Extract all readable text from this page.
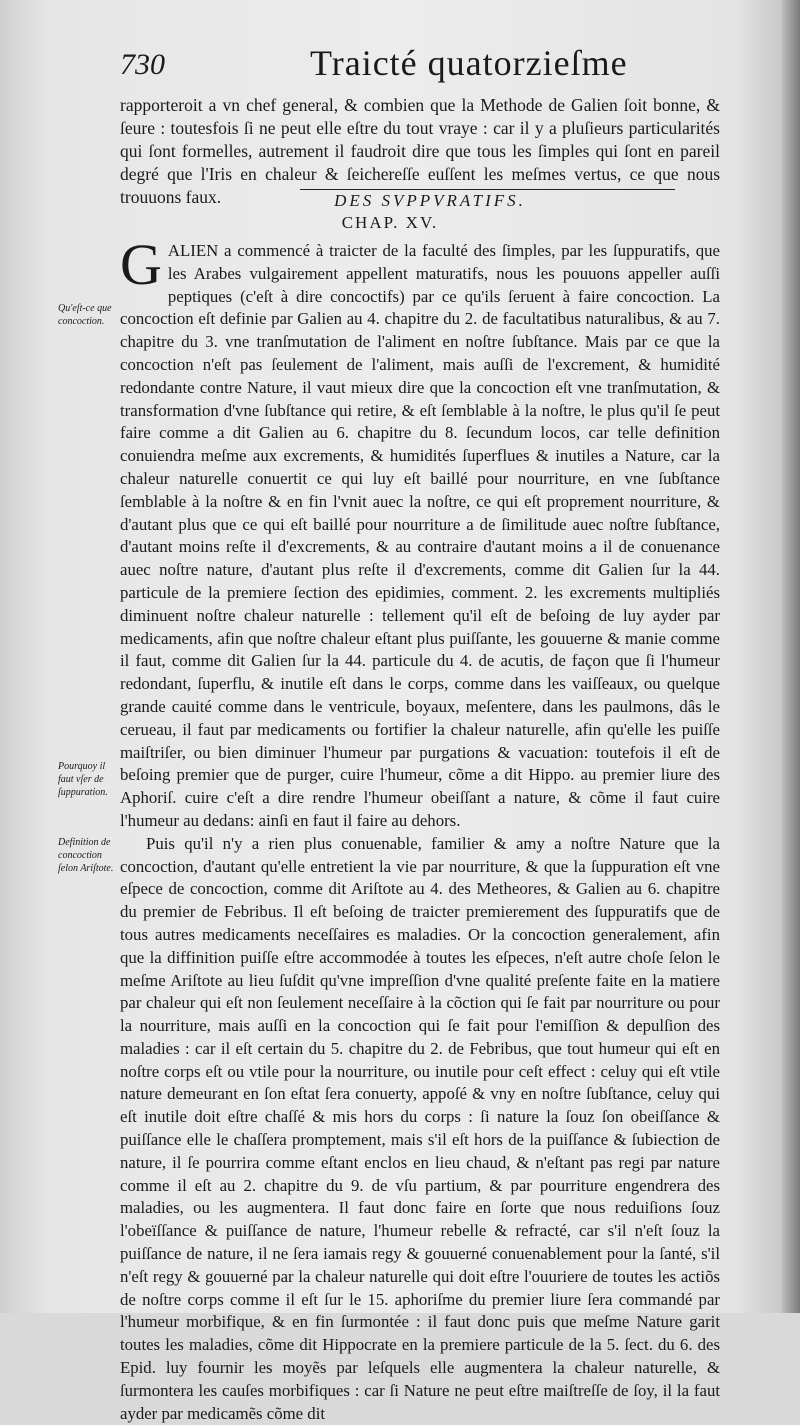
730	Traicté quatorzieſme

rapporteroit a vn chef general, & combien que la Methode de Galien ſoit bonne, & ſeure : toutesfois ſi ne peut elle eſtre du tout vraye : car il y a pluſieurs particularités qui ſont formelles, autrement il faudroit dire que tous les ſimples qui ſont en pareil degré que l'Iris en chaleur & ſeichereſſe euſſent les meſmes vertus, ce que nous trouuons faux.	DES SVPPVRATIFS.
CHAP. XV.
Qu'eſt-ce que concoction.
Pourquoy il faut vſer de ſuppuration.
Definition de concoction ſelon Ariſtote.

GALIEN a commencé à traicter de la faculté des ſimples, par les ſuppuratifs, que les Arabes vulgairement appellent maturatifs, nous les pouuons appeller auſſi peptiques (c'eſt à dire concoctifs) par ce qu'ils ſeruent à faire concoction. La concoction eſt definie par Galien au 4. chapitre du 2. de facultatibus naturalibus, & au 7. chapitre du 3. vne tranſmutation de l'aliment en noſtre ſubſtance. Mais par ce que la concoction n'eſt pas ſeulement de l'aliment, mais auſſi de l'excrement, & humidité redondante contre Nature, il vaut mieux dire que la concoction eſt vne tranſmutation, & transformation d'vne ſubſtance qui retire, & eſt ſemblable à la noſtre, le plus qu'il ſe peut faire comme a dit Galien au 6. chapitre du 8. ſecundum locos, car telle definition conuiendra meſme aux excrements, & humidités ſuperflues & inutiles a Nature, car la chaleur naturelle conuertit ce qui luy eſt baillé pour nourriture, en vne ſubſtance ſemblable à la noſtre & en fin l'vnit auec la noſtre, ce qui eſt proprement nourriture, & d'autant plus que ce qui eſt baillé pour nourriture a de ſimilitude auec noſtre ſubſtance, d'autant moins reſte il d'excrements, & au contraire d'autant moins a il de conuenance auec noſtre nature, d'autant plus reſte il d'excrements, comme dit Galien ſur la 44. particule de la premiere ſection des epidimies, comment. 2. les excrements multipliés diminuent noſtre chaleur naturelle : tellement qu'il eſt de beſoing de luy ayder par medicaments, afin que noſtre chaleur eſtant plus puiſſante, les gouuerne & manie comme il faut, comme dit Galien ſur la 44. particule du 4. de acutis, de façon que ſi l'humeur redondant, ſuperflu, & inutile eſt dans le corps, comme dans les vaiſſeaux, ou quelque grande cauité comme dans le ventricule, boyaux, meſentere, dans les paulmons, dâs le cerueau, il faut par medicaments ou fortifier la chaleur naturelle, afin qu'elle les puiſſe maiſtriſer, ou bien diminuer l'humeur par purgations & vacuation: toutefois il eſt de beſoing premier que de purger, cuire l'humeur, cõme a dit Hippo. au premier liure des Aphoriſ. cuire c'eſt a dire rendre l'humeur obeiſſant a nature, & cõme il faut cuire l'humeur au dedans: ainſi en faut il faire au dehors.

Puis qu'il n'y a rien plus conuenable, familier & amy a noſtre Nature que la concoction, d'autant qu'elle entretient la vie par nourriture, & que la ſuppuration eſt vne eſpece de concoction, comme dit Ariſtote au 4. des Metheores, & Galien au 6. chapitre du premier de Febribus. Il eſt beſoing de traicter premierement des ſuppuratifs que de tous autres medicaments neceſſaires es maladies. Or la concoction generalement, afin que la diffinition puiſſe eſtre accommodée à toutes les eſpeces, n'eſt autre choſe ſelon le meſme Ariſtote au lieu ſuſdit qu'vne impreſſion d'vne qualité preſente faite en la matiere par chaleur qui eſt non ſeulement neceſſaire à la cõction qui ſe fait par nourriture ou pour la nourriture, mais auſſi en la concoction qui ſe fait pour l'emiſſion & depulſion des maladies : car il eſt certain du 5. chapitre du 2. de Febribus, que tout humeur qui eſt en noſtre corps eſt ou vtile pour la nourriture, ou inutile pour ceſt effect : celuy qui eſt vtile nature demeurant en ſon eſtat ſera conuerty, appoſé & vny en noſtre ſubſtance, celuy qui eſt inutile doit eſtre chaſſé & mis hors du corps : ſi nature la ſouz ſon obeiſſance & puiſſance elle le chaſſera promptement, mais s'il eſt hors de la puiſſance & ſubiection de nature, il ſe pourrira comme eſtant enclos en lieu chaud, & n'eſtant pas regi par nature comme il eſt au 2. chapitre du 9. de vſu partium, & par pourriture engendrera des maladies, ou les augmentera. Il faut donc faire en ſorte que nous reduiſions ſouz l'obeïſſance & puiſſance de nature, l'humeur rebelle & refracté, car s'il n'eſt ſouz la puiſſance de nature, il ne ſera iamais regy & gouuerné conuenablement pour la ſanté, s'il n'eſt regy & gouuerné par la chaleur naturelle qui doit eſtre l'ouuriere de toutes les actiõs de noſtre corps comme il eſt ſur le 15. aphoriſme du premier liure ſera commandé par l'humeur morbifique, & en fin ſurmontée : il faut donc puis que meſme Nature garit toutes les maladies, cõme dit Hippocrate en la premiere particule de la 5. ſect. du 6. des Epid. luy fournir les moyẽs par leſquels elle augmentera la chaleur naturelle, & ſurmontera les cauſes morbifiques : car ſi Nature ne peut eſtre maiſtreſſe de ſoy, il la faut ayder par medicamẽs cõme dit
